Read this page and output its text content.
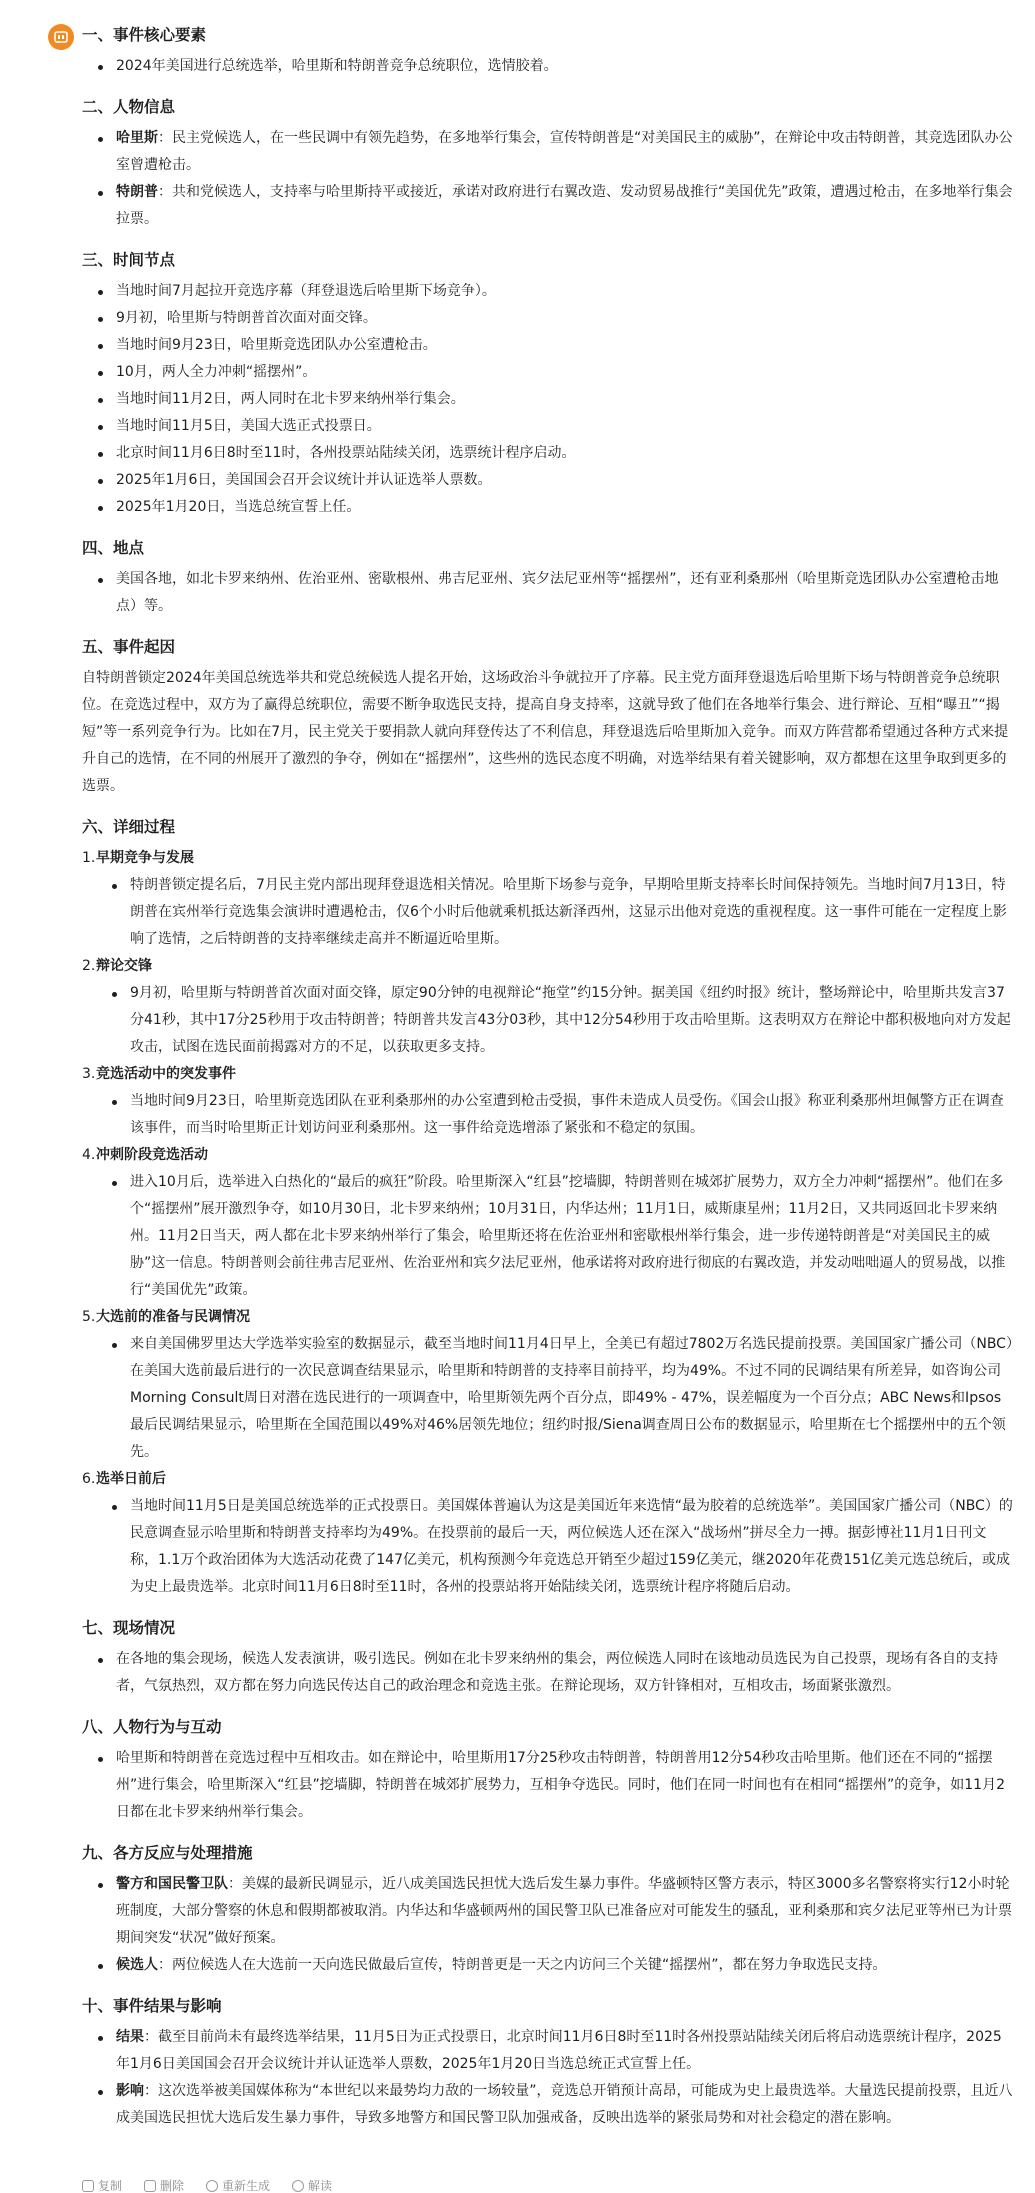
一、事件核心要素
2024年美国进行总统选举，哈里斯和特朗普竞争总统职位，选情胶着。
二、人物信息
哈里斯：民主党候选人，在一些民调中有领先趋势，在多地举行集会，宣传特朗普是“对美国民主的威胁”，在辩论中攻击特朗普，其竞选团队办公室曾遭枪击。
特朗普：共和党候选人，支持率与哈里斯持平或接近，承诺对政府进行右翼改造、发动贸易战推行“美国优先”政策，遭遇过枪击，在多地举行集会拉票。
三、时间节点
当地时间7月起拉开竞选序幕（拜登退选后哈里斯下场竞争）。
9月初，哈里斯与特朗普首次面对面交锋。
当地时间9月23日，哈里斯竞选团队办公室遭枪击。
10月，两人全力冲刺“摇摆州”。
当地时间11月2日，两人同时在北卡罗来纳州举行集会。
当地时间11月5日，美国大选正式投票日。
北京时间11月6日8时至11时，各州投票站陆续关闭，选票统计程序启动。
2025年1月6日，美国国会召开会议统计并认证选举人票数。
2025年1月20日，当选总统宣誓上任。
四、地点
美国各地，如北卡罗来纳州、佐治亚州、密歇根州、弗吉尼亚州、宾夕法尼亚州等“摇摆州”，还有亚利桑那州（哈里斯竞选团队办公室遭枪击地点）等。
五、事件起因

自特朗普锁定2024年美国总统选举共和党总统候选人提名开始，这场政治斗争就拉开了序幕。民主党方面拜登退选后哈里斯下场与特朗普竞争总统职位。在竞选过程中，双方为了赢得总统职位，需要不断争取选民支持，提高自身支持率，这就导致了他们在各地举行集会、进行辩论、互相“曝丑”“揭短”等一系列竞争行为。比如在7月，民主党关于要捐款人就向拜登传达了不利信息，拜登退选后哈里斯加入竞争。而双方阵营都希望通过各种方式来提升自己的选情，在不同的州展开了激烈的争夺，例如在“摇摆州”，这些州的选民态度不明确，对选举结果有着关键影响，双方都想在这里争取到更多的选票。

六、详细过程
1. 早期竞争与发展
特朗普锁定提名后，7月民主党内部出现拜登退选相关情况。哈里斯下场参与竞争，早期哈里斯支持率长时间保持领先。当地时间7月13日，特朗普在宾州举行竞选集会演讲时遭遇枪击，仅6个小时后他就乘机抵达新泽西州，这显示出他对竞选的重视程度。这一事件可能在一定程度上影响了选情，之后特朗普的支持率继续走高并不断逼近哈里斯。
2. 辩论交锋
9月初，哈里斯与特朗普首次面对面交锋，原定90分钟的电视辩论“拖堂”约15分钟。据美国《纽约时报》统计，整场辩论中，哈里斯共发言37分41秒，其中17分25秒用于攻击特朗普；特朗普共发言43分03秒，其中12分54秒用于攻击哈里斯。这表明双方在辩论中都积极地向对方发起攻击，试图在选民面前揭露对方的不足，以获取更多支持。
3. 竞选活动中的突发事件
当地时间9月23日，哈里斯竞选团队在亚利桑那州的办公室遭到枪击受损，事件未造成人员受伤。《国会山报》称亚利桑那州坦佩警方正在调查该事件，而当时哈里斯正计划访问亚利桑那州。这一事件给竞选增添了紧张和不稳定的氛围。
4. 冲刺阶段竞选活动
进入10月后，选举进入白热化的“最后的疯狂”阶段。哈里斯深入“红县”挖墙脚，特朗普则在城郊扩展势力，双方全力冲刺“摇摆州”。他们在多个“摇摆州”展开激烈争夺，如10月30日，北卡罗来纳州；10月31日，内华达州；11月1日，威斯康星州；11月2日，又共同返回北卡罗来纳州。11月2日当天，两人都在北卡罗来纳州举行了集会，哈里斯还将在佐治亚州和密歇根州举行集会，进一步传递特朗普是“对美国民主的威胁”这一信息。特朗普则会前往弗吉尼亚州、佐治亚州和宾夕法尼亚州，他承诺将对政府进行彻底的右翼改造，并发动咄咄逼人的贸易战，以推行“美国优先”政策。
5. 大选前的准备与民调情况
来自美国佛罗里达大学选举实验室的数据显示，截至当地时间11月4日早上，全美已有超过7802万名选民提前投票。美国国家广播公司（NBC）在美国大选前最后进行的一次民意调查结果显示，哈里斯和特朗普的支持率目前持平，均为49%。不过不同的民调结果有所差异，如咨询公司Morning Consult周日对潜在选民进行的一项调查中，哈里斯领先两个百分点，即49% - 47%，误差幅度为一个百分点；ABC News和Ipsos最后民调结果显示，哈里斯在全国范围以49%对46%居领先地位；纽约时报/Siena调查周日公布的数据显示，哈里斯在七个摇摆州中的五个领先。
6. 选举日前后
当地时间11月5日是美国总统选举的正式投票日。美国媒体普遍认为这是美国近年来选情“最为胶着的总统选举”。美国国家广播公司（NBC）的民意调查显示哈里斯和特朗普支持率均为49%。在投票前的最后一天，两位候选人还在深入“战场州”拼尽全力一搏。据彭博社11月1日刊文称，1.1万个政治团体为大选活动花费了147亿美元，机构预测今年竞选总开销至少超过159亿美元，继2020年花费151亿美元选总统后，或成为史上最贵选举。北京时间11月6日8时至11时，各州的投票站将开始陆续关闭，选票统计程序将随后启动。
七、现场情况
在各地的集会现场，候选人发表演讲，吸引选民。例如在北卡罗来纳州的集会，两位候选人同时在该地动员选民为自己投票，现场有各自的支持者，气氛热烈，双方都在努力向选民传达自己的政治理念和竞选主张。在辩论现场，双方针锋相对，互相攻击，场面紧张激烈。
八、人物行为与互动
哈里斯和特朗普在竞选过程中互相攻击。如在辩论中，哈里斯用17分25秒攻击特朗普，特朗普用12分54秒攻击哈里斯。他们还在不同的“摇摆州”进行集会，哈里斯深入“红县”挖墙脚，特朗普在城郊扩展势力，互相争夺选民。同时，他们在同一时间也有在相同“摇摆州”的竞争，如11月2日都在北卡罗来纳州举行集会。
九、各方反应与处理措施
警方和国民警卫队：美媒的最新民调显示，近八成美国选民担忧大选后发生暴力事件。华盛顿特区警方表示，特区3000多名警察将实行12小时轮班制度，大部分警察的休息和假期都被取消。内华达和华盛顿两州的国民警卫队已准备应对可能发生的骚乱，亚利桑那和宾夕法尼亚等州已为计票期间突发“状况”做好预案。
候选人：两位候选人在大选前一天向选民做最后宣传，特朗普更是一天之内访问三个关键“摇摆州”，都在努力争取选民支持。
十、事件结果与影响
结果：截至目前尚未有最终选举结果，11月5日为正式投票日，北京时间11月6日8时至11时各州投票站陆续关闭后将启动选票统计程序，2025年1月6日美国国会召开会议统计并认证选举人票数，2025年1月20日当选总统正式宣誓上任。
影响：这次选举被美国媒体称为“本世纪以来最势均力敌的一场较量”，竞选总开销预计高昂，可能成为史上最贵选举。大量选民提前投票，且近八成美国选民担忧大选后发生暴力事件，导致多地警方和国民警卫队加强戒备，反映出选举的紧张局势和对社会稳定的潜在影响。
复制	删除	重新生成	解读
